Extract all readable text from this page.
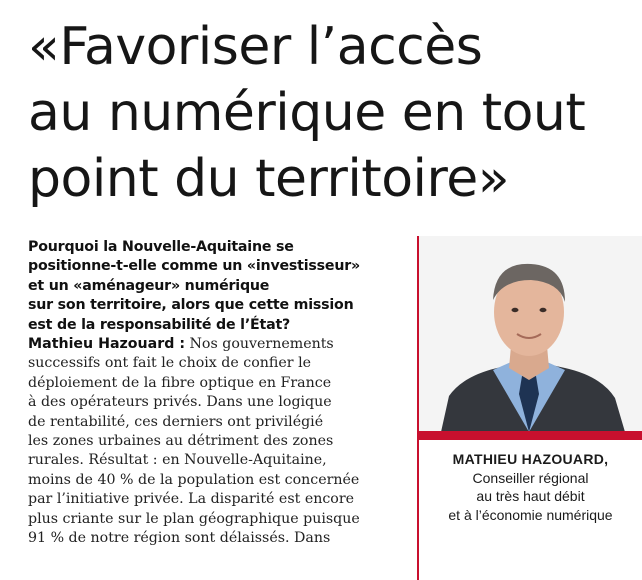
«Favoriser l’accès
au numérique en tout
point du territoire»
Pourquoi la Nouvelle-Aquitaine se
positionne-t-elle comme un «investisseur»
et un «aménageur» numérique
sur son territoire, alors que cette mission
est de la responsabilité de l’État?
Mathieu Hazouard : Nos gouvernements
successifs ont fait le choix de confier le
déploiement de la fibre optique en France
à des opérateurs privés. Dans une logique
de rentabilité, ces derniers ont privilégié
les zones urbaines au détriment des zones
rurales. Résultat : en Nouvelle-Aquitaine,
moins de 40 % de la population est concernée
par l’initiative privée. La disparité est encore
plus criante sur le plan géographique puisque
91 % de notre région sont délaissés. Dans
MATHIEU HAZOUARD,
Conseiller régional
au très haut débit
et à l’économie numérique
